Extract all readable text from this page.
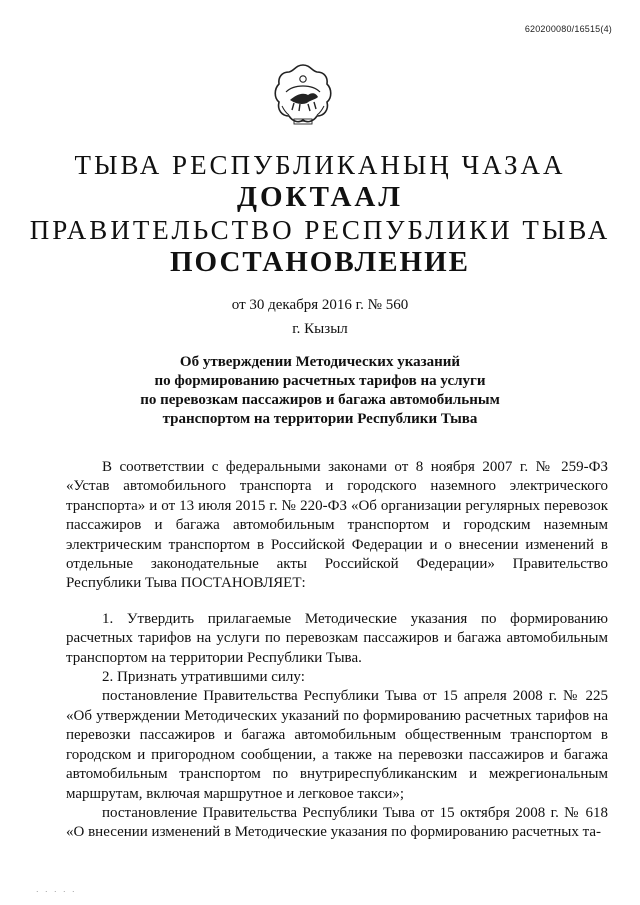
620200080/16515(4)
ТЫВА РЕСПУБЛИКАНЫҢ ЧАЗАА
ДОКТААЛ
ПРАВИТЕЛЬСТВО РЕСПУБЛИКИ ТЫВА
ПОСТАНОВЛЕНИЕ
от 30 декабря 2016 г. № 560
г. Кызыл
Об утверждении Методических указаний
по формированию расчетных тарифов на услуги
по перевозкам пассажиров и багажа автомобильным
транспортом на территории Республики Тыва

В соответствии с федеральными законами от 8 ноября 2007 г. № 259-ФЗ «Устав автомобильного транспорта и городского наземного электрического транспорта» и от 13 июля 2015 г. № 220-ФЗ «Об организации регулярных перевозок пассажиров и багажа автомобильным транспортом и городским наземным электрическим транспортом в Российской Федерации и о внесении изменений в отдельные законодательные акты Российской Федерации» Правительство Республики Тыва ПОСТАНОВЛЯЕТ:

1. Утвердить прилагаемые Методические указания по формированию расчетных тарифов на услуги по перевозкам пассажиров и багажа автомобильным транспортом на территории Республики Тыва.

2. Признать утратившими силу:

постановление Правительства Республики Тыва от 15 апреля 2008 г. № 225 «Об утверждении Методических указаний по формированию расчетных тарифов на перевозки пассажиров и багажа автомобильным общественным транспортом в городском и пригородном сообщении, а также на перевозки пассажиров и багажа автомобильным транспортом по внутриреспубликанским и межрегиональным маршрутам, включая маршрутное и легковое такси»;

постановление Правительства Республики Тыва от 15 октября 2008 г. № 618 «О внесении изменений в Методические указания по формированию расчетных та-

. . . . .
